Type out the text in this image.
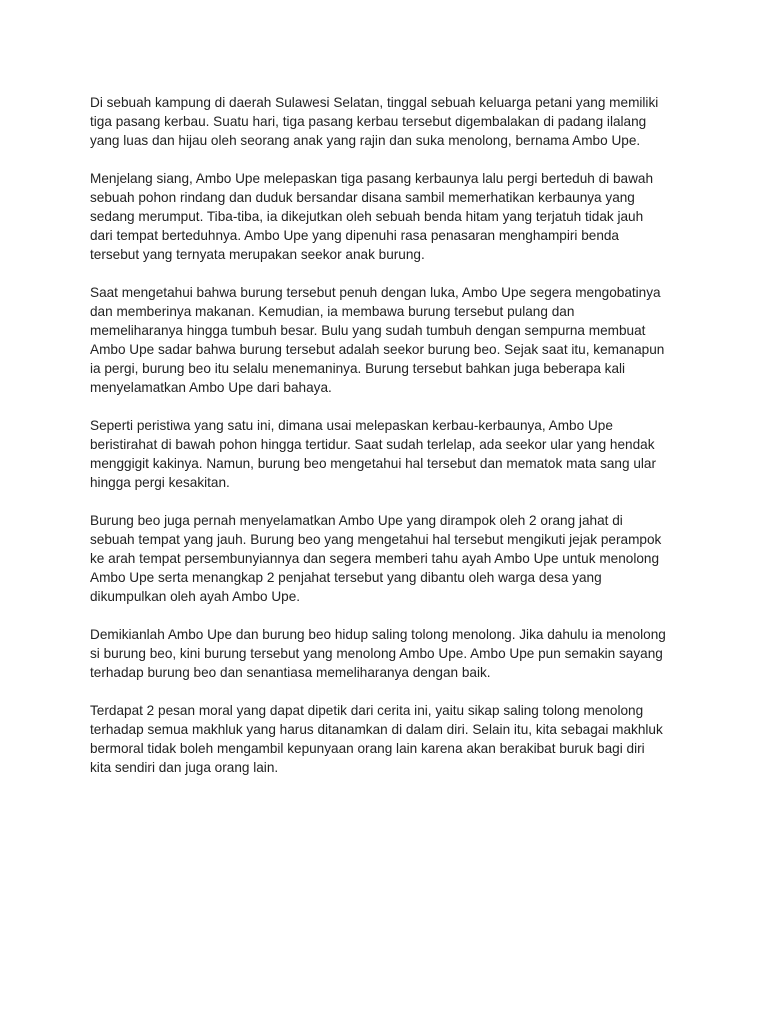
Di sebuah kampung di daerah Sulawesi Selatan, tinggal sebuah keluarga petani yang memiliki
tiga pasang kerbau. Suatu hari, tiga pasang kerbau tersebut digembalakan di padang ilalang
yang luas dan hijau oleh seorang anak yang rajin dan suka menolong, bernama Ambo Upe.

Menjelang siang, Ambo Upe melepaskan tiga pasang kerbaunya lalu pergi berteduh di bawah
sebuah pohon rindang dan duduk bersandar disana sambil memerhatikan kerbaunya yang
sedang merumput. Tiba-tiba, ia dikejutkan oleh sebuah benda hitam yang terjatuh tidak jauh
dari tempat berteduhnya. Ambo Upe yang dipenuhi rasa penasaran menghampiri benda
tersebut yang ternyata merupakan seekor anak burung.

Saat mengetahui bahwa burung tersebut penuh dengan luka, Ambo Upe segera mengobatinya
dan memberinya makanan. Kemudian, ia membawa burung tersebut pulang dan
memeliharanya hingga tumbuh besar. Bulu yang sudah tumbuh dengan sempurna membuat
Ambo Upe sadar bahwa burung tersebut adalah seekor burung beo. Sejak saat itu, kemanapun
ia pergi, burung beo itu selalu menemaninya. Burung tersebut bahkan juga beberapa kali
menyelamatkan Ambo Upe dari bahaya.

Seperti peristiwa yang satu ini, dimana usai melepaskan kerbau-kerbaunya, Ambo Upe
beristirahat di bawah pohon hingga tertidur. Saat sudah terlelap, ada seekor ular yang hendak
menggigit kakinya. Namun, burung beo mengetahui hal tersebut dan mematok mata sang ular
hingga pergi kesakitan.

Burung beo juga pernah menyelamatkan Ambo Upe yang dirampok oleh 2 orang jahat di
sebuah tempat yang jauh. Burung beo yang mengetahui hal tersebut mengikuti jejak perampok
ke arah tempat persembunyiannya dan segera memberi tahu ayah Ambo Upe untuk menolong
Ambo Upe serta menangkap 2 penjahat tersebut yang dibantu oleh warga desa yang
dikumpulkan oleh ayah Ambo Upe.

Demikianlah Ambo Upe dan burung beo hidup saling tolong menolong. Jika dahulu ia menolong
si burung beo, kini burung tersebut yang menolong Ambo Upe. Ambo Upe pun semakin sayang
terhadap burung beo dan senantiasa memeliharanya dengan baik.

Terdapat 2 pesan moral yang dapat dipetik dari cerita ini, yaitu sikap saling tolong menolong
terhadap semua makhluk yang harus ditanamkan di dalam diri. Selain itu, kita sebagai makhluk
bermoral tidak boleh mengambil kepunyaan orang lain karena akan berakibat buruk bagi diri
kita sendiri dan juga orang lain.
